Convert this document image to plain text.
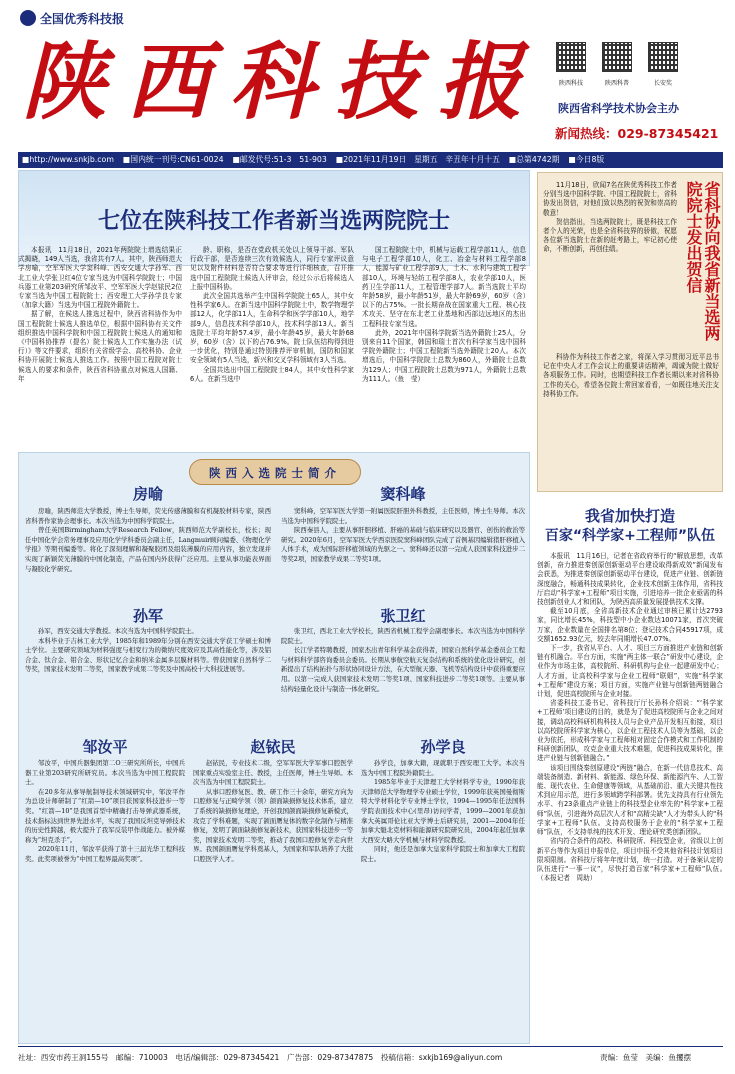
全国优秀科技报
陕西科技报	陕西科技	陕西科普	长安奖
陕西省科学技术协会主办
新闻热线：029-87345421
■http://www.snkjb.com ■国内统一刊号:CN61-0024 ■邮发代号:51-3　51-903 ■2021年11月19日　星期五　辛丑年十月十五 ■总第4742期 ■今日8版
七位在陕科技工作者新当选两院院士

本报讯　11月18日，2021年两院院士增选结果正式揭晓，149人当选，我省共有7人。其中，陕西师范大学房喻，空军军医大学窦科峰、西安交通大学孙军、西北工业大学张卫红4位专家当选为中国科学院院士；中国兵器工业第203研究所邹汝平、空军军医大学赵铱民2位专家当选为中国工程院院士；西安理工大学孙学良专家（加拿大籍）当选为中国工程院外籍院士。

据了解，在候选人推选过程中，陕西省科协作为中国工程院院士候选人推选单位，根据中国科协有关文件组织推选中国科学院和中国工程院院士候选人的通知和《中国科协推荐（提名）院士候选人工作实施办法（试行）》等文件要求，组织有关省级学会、高校科协、企业科协开展院士候选人推选工作。按照中国工程院对院士候选人的要求和条件，陕西省科协重点对候选人国籍、年

龄、职称，是否在党政机关处以上领导干部、军队行政干部，是否连续三次有效候选人，同行专家评议意见以及附件材料是否符合要求等进行详细核查，召开推选中国工程院院士候选人评审会，经过公示后将候选人上报中国科协。

此次全国共选举产生中国科学院院士65人，其中女性科学家6人。在新当选中国科学院院士中，数学物理学部12人，化学部11人，生命科学和医学学部10人，地学部9人，信息技术科学部10人，技术科学部13人。新当选院士平均年龄57.4岁，最小年龄45岁，最大年龄68岁，60岁（含）以下的占76.9%。院士队伍结构得到进一步优化，特别是通过特别推荐评审机制，国防和国家安全领域有5人当选，新兴和交叉学科领域有3人当选。

全国共选出中国工程院院士84人，其中女性科学家6人。在新当选中

国工程院院士中，机械与运载工程学部11人，信息与电子工程学部10人，化工、冶金与材料工程学部8人，能源与矿业工程学部9人，土木、水利与建筑工程学部10人，环境与轻纺工程学部8人，农业学部10人，医药卫生学部11人，工程管理学部7人。新当选院士平均年龄58岁，最小年龄51岁，最大年龄69岁，60岁（含）以下的占75%。一批长期奋战在国家重大工程、核心技术攻关、坚守在东北老工业基地和西部边远地区的杰出工程科技专家当选。

此外，2021年中国科学院新当选外籍院士25人，分别来自11个国家，韩国和瑞士首次有科学家当选中国科学院外籍院士；中国工程院新当选外籍院士20人。本次增选后，中国科学院院士总数为860人，外籍院士总数为129人；中国工程院院士总数为971人，外籍院士总数为111人。（鱼　莹）

陕西入选院士简介
房喻

房喻，陕西师范大学教授，博士生导师，荧光传感薄膜和有机凝胶材料专家，陕西省科普作家协会理事长。本次当选为中国科学院院士。

曾任英国Birmingham大学Research Fellow，陕西师范大学副校长，校长；现任中国化学会常务理事及应用化学学科委员会副主任，Langmuir顾问编委、《物理化学学报》等期刊编委等。将化了深刻理解和凝聚胶团及组装薄膜的应用内容，独立发现并实现了新颖荧光薄膜的中国化制造，产品在国内外获得广泛应用。主要从事功能表界面与凝胶化学研究。

窦科峰

窦科峰，空军军医大学第一附属医院肝胆外科教授，主任医师，博士生导师。本次当选为中国科学院院士。

陕西秦县人，主要从事肝胆移植、肝癌的基础与临床研究以及器官、创伤的救治等研究。2020年6月，空军军医大学西京医院窦科峰团队完成了首例基因编辑猪肝移植入人体手术，成为国际肝移植领域的先驱之一。窦科峰还以第一完成人获国家科技进步二等奖2项，国家教学成果二等奖1项。

孙军

孙军，西安交通大学教授。本次当选为中国科学院院士。

本科毕业于吉林工业大学，1985年和1989年分别在西安交通大学获工学硕士和博士学位。主要研究领域为材料强度与相变行为的微纳尺度效应及其高性能化等，涉及铝合金、钛合金、钼合金、形状记忆合金和纳米金属多层膜材料等。曾获国家自然科学二等奖，国家技术发明二等奖，国家教学成果二等奖及中国高校十大科技进展等。

张卫红

张卫红，西北工业大学校长，陕西省机械工程学会副理事长。本次当选为中国科学院院士。

长江学者特聘教授，国家杰出青年科学基金获得者，国家自然科学基金委员会工程与材料科学部咨询委员会委员。长期从事航空航天复杂结构和系统的优化设计研究，创新提出了结构拓扑与形状协同设计方法，在大型航天器、飞机等结构设计中获得重要应用。以第一完成人获国家技术发明二等奖1项、国家科技进步二等奖1项等。主要从事结构轻量化设计与制造一体化研究。

邹汝平

邹汝平，中国兵器集团第二O三研究所所长，中国兵器工业第203研究所研究员。本次当选为中国工程院院士。

在20多年从事导航制导技术领域研究中，邹汝平作为总设计师研制了“红箭—10”项目获国家科技进步一等奖。“红箭—10”是我国首型中精确打击导弹武器系统，技术指标达到世界先进水平，实现了我国反坦克导弹技术的历史性跨越，极大提升了我军反装甲作战能力。被外媒称为“坦克杀手”。

2020年11月，邹汝平获得了第十三届光华工程科技奖。此奖项被誉为“中国工程界最高奖项”。

赵铱民

赵铱民，专业技术二级，空军军医大学军事口腔医学国家重点实验室主任、教授，主任医师，博士生导师。本次当选为中国工程院院士。

从事口腔修复医、教、研工作三十余年，研究方向为口腔修复与正畸学领（领）颌面缺损修复技术体系，建立了系统的缺损修复理论，开创我国颌面缺损修复新模式，攻克了学科难题，实现了颌面赝复体的数字化制作与精准修复，发明了颌面缺损修复新技术，获国家科技进步一等奖，国家技术发明二等奖，推动了我国口腔修复学走向世界。我国颌面赝复学科奠基人，为国家和军队培养了大批口腔医学人才。

孙学良

孙学良，加拿大籍，现就职于西安理工大学。本次当选为中国工程院外籍院士。

1985年毕业于天津理工大学材料学专业，1990年获天津师范大学物理学专业硕士学位，1999年获英国曼彻斯特大学材料化学专业博士学位，1994—1995年任法国科学院表面技术中心(里昂)访问学者，1999—2001年获加拿大英属哥伦比亚大学博士后研究员，2001—2004年任加拿大魁北克材料和能源研究院研究员，2004年起任加拿大西安大略大学机械与材料学院教授。

同时，他还是加拿大皇家科学院院士和加拿大工程院院士。

11月18日，欣闻7名在陕优秀科技工作者分别当选中国科学院、中国工程院院士，省科协发出贺信，对他们致以热烈的祝贺和崇高的敬意！

贺信指出，当选两院院士，既是科技工作者个人的光荣，也是全省科技界的骄傲，祝愿各位新当选院士在新的赶考路上，牢记初心使命，不断创新，再创佳绩。

科协作为科技工作者之家，将深入学习贯彻习近平总书记在中央人才工作会议上的重要讲话精神，竭诚为院士做好各项服务工作。同时，也期望科技工作者长期以来对省科协工作的关心，希望各位院士常回家看看，一如既往地关注支持科协工作。

省科协向我省新当选两院院士发出贺信
我省加快打造
百家“科学家+工程师”队伍

本报讯　11月16日，记者在省政府举行的“解放思想，改革创新，奋力推进秦创原创新驱动平台建设取得新成效”新闻发布会获悉，为推进秦创原创新驱动平台建设，促进产业链、创新链深度融合，畅通科技成果转化，企业技术创新主体作用，省科技厅启动“科学家+工程师”项目实施，引进培养一批企业亟需的科技创新创业人才和团队，为陕西高质量发展提供技术支撑。

截至10月底，全省高新技术企业通过审核已累计达2793家，同比增长45%，科技型中小企业数达10071家，首次突破万家，企业数量在全国排名第8位；登记技术合同45917项，成交额1652.93亿元，较去年同期增长47.07%。

下一步，我省从平台、人才、项目三方面推进产业链和创新链有机融合。平台方面，实施“两主体一联合”研发中心建设，企业作为市场主体，高校院所、科研机构与企业一起建研发中心；人才方面，让高校科学家与企业工程师“联姻”，实施“科学家+工程师”建设方案；项目方面，实施产业链与创新链两链融合计划，促进高校院所与企业对接。

省委科技工委书记、省科技厅厅长孙科介绍说：“‘科学家+工程师’项目建设的目的，就是为了促进高校院所与企业之间对接，调动高校科研机构科技人员与企业产品开发相互衔接，项目以高校院所科学家为核心，以企业工程技术人员等为基础，以企业为依托，形成科学家与工程师相对固定合作模式和工作机制的科研创新团队，攻克企业重大技术难题，促进科技成果转化，推进产业链与创新链融合。”

该项目围绕秦创原建设“两链”融合，在新一代信息技术、高端装备制造、新材料、新能源、绿色环保、新能源汽车、人工智能、现代农业、生命健康等领域，从基础前沿、重大关键共性技术到应用示范，进行多领域跨学科部署。优先支持具有行业领先水平、有23条重点产业链上的科技型企业率先的“科学家+工程师”队伍，引进海外高层次人才和“高精尖缺”人才为带头人的“科学家+工程师”队伍。支持高校服务于企业的“科学家+工程师”队伍，不支持单纯的技术开发、理论研究类创新团队。

省内符合条件的高校、科研院所、科技型企业，省级以上创新平台等作为项目申报单位，项目申报不受其他省科技计划项目限项限制。省科技厅将年年度计划，统一打造。对于备案认定的队伍进行“一事一议”，尽快打造百家“科学家+工程师”队伍。　（本报记者　周助）

社址：西安市药王洞155号　邮编：710003　电话/编辑部：029-87345421　广告部：029-87347875　投稿信箱：sxkjb169@aliyun.com	责编：鱼莹　美编：鱼攫摆
